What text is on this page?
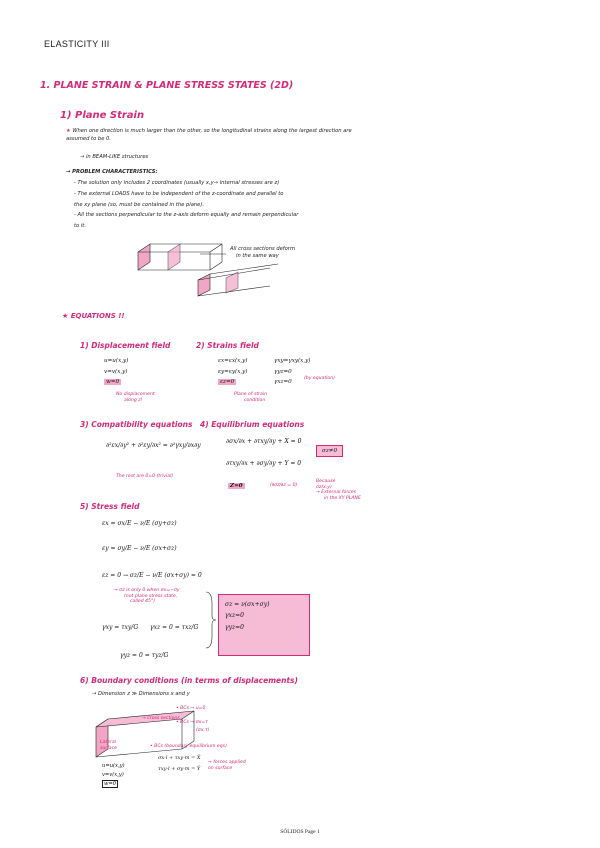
ELASTICITY III
1. PLANE STRAIN & PLANE STRESS STATES (2D)
1) Plane Strain
★ When one direction is much larger than the other, so the longitudinal strains along the largest direction are assumed to be 0.
→ in BEAM-LIKE structures
→ PROBLEM CHARACTERISTICS:
- The solution only includes 2 coordinates (usually x,y→ internal stresses are z)
- The external LOADS have to be independent of the z-coordinate and parallel to
the xy plane (so, must be contained in the plane).
- All the sections perpendicular to the z-axis deform equally and remain perpendicular
to it.
All cross sections deform
in the same way
★ EQUATIONS !!
1) Displacement field
u=u(x,y)
v=v(x,y)
w=0
No displacement
along z!
2) Strains field
εx=εx(x,y)
εy=εy(x,y)
εz=0
γxy=γxy(x,y)
γyz=0
γxz=0
(by equation)
Plane of strain
condition
3) Compatibility equations
∂²εx/∂y² + ∂²εy/∂x² = ∂²γxy/∂x∂y
The rest are 0=0 (trivial)
4) Equilibrium equations
∂σx/∂x + ∂τxy/∂y + X = 0
∂τxy/∂x + ∂σy/∂y + Y = 0
σz≠0
Z=0	(∂σz/∂z = 0)
Because
σz(x,y)
→ External forces
in the XY PLANE
5) Stress field
εx = σx/E − ν/E (σy+σz)
εy = σy/E − ν/E (σx+σz)
εz = 0 → σz/E − ν/E (σx+σy) = 0
→ σz is only 0 when σx=−σy
(not plane stress state,
called 45°)
γxy = τxy/G γxz = 0 = τxz/G
γyz = 0 = τyz/G
σz = ν(σx+σy)
γxz=0
γyz=0
6) Boundary conditions (in terms of displacements)
→ Dimension z ≫ Dimensions x and y
→ cross sections
Lateral
surface
u=u(x,y)
v=v(x,y)
w=0
• BCs → u=0
• BCs → σx=τ
(σx,τ)
• BCs (boundary equilibrium eqs)
σx·l + τxy·m = X̄
τxy·l + σy·m = Ȳ
→ forces applied on surface
SÓLIDOS Page 1
